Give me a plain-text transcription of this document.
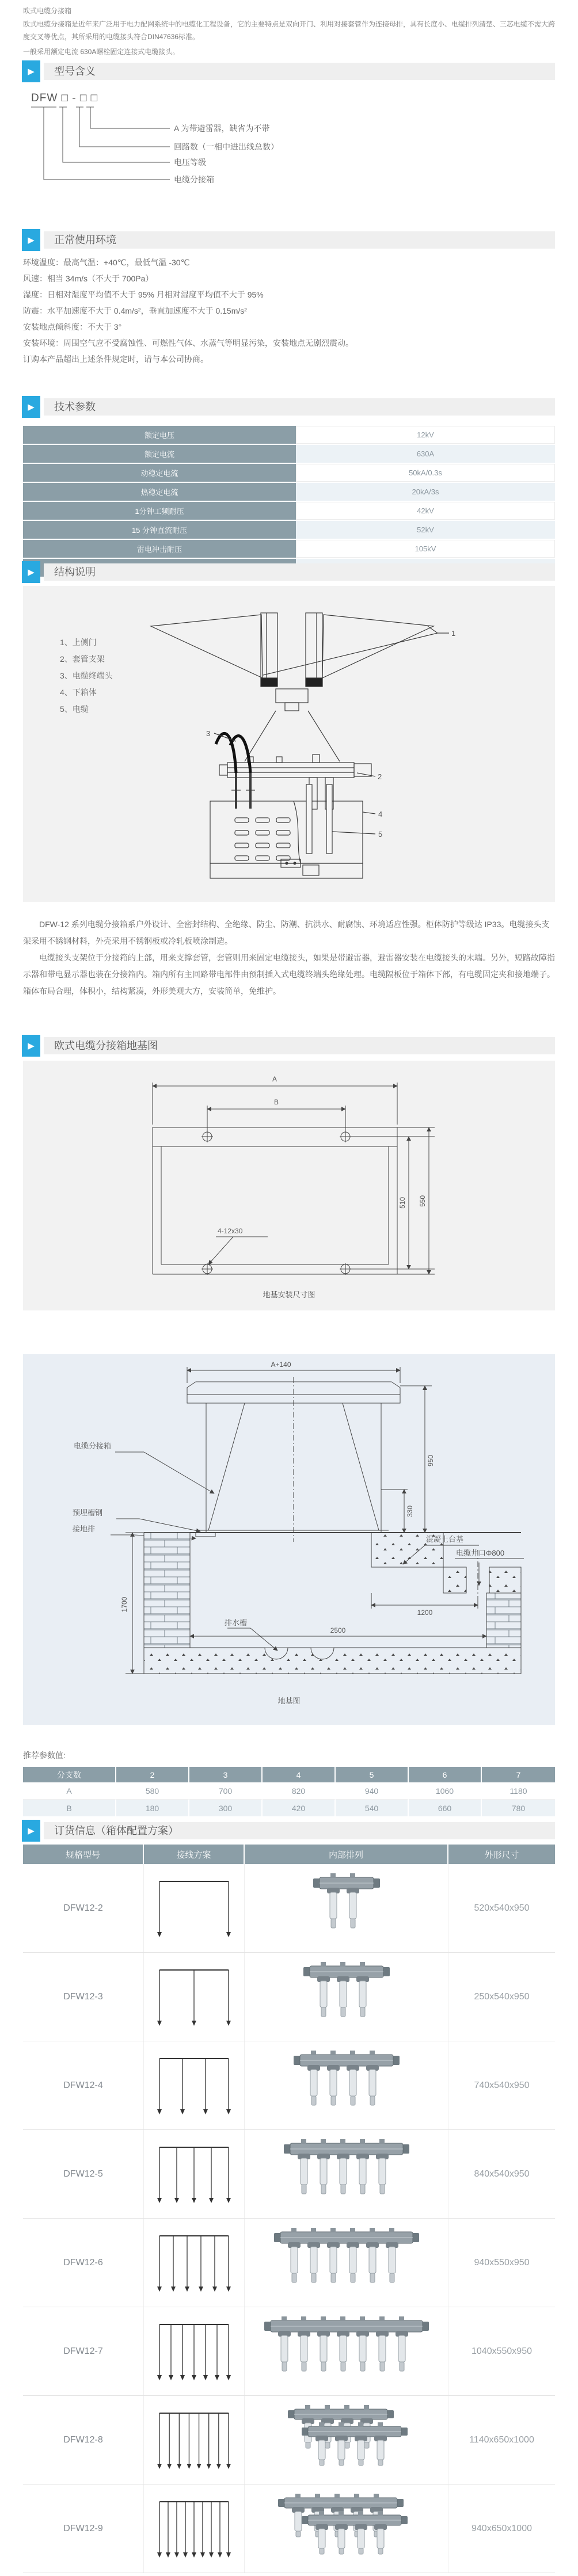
欧式电缆分接箱

欧式电缆分接箱是近年来广泛用于电力配网系统中的电缆化工程设备，它的主要特点是双向开门、利用对接套管作为连接母排，具有长度小、电缆排列清楚、三芯电缆不需大跨度交叉等优点，其所采用的电缆接头符合DIN47636标准。

一般采用额定电流 630A螺栓固定连接式电缆接头。

▶	型号含义
DFW □ - □ □
A 为带避雷器，缺省为不带
回路数（一相中进出线总数）
电压等级
电缆分接箱
▶	正常使用环境
环境温度：最高气温：+40℃，最低气温 -30℃
风速：相当 34m/s（不大于 700Pa）
湿度：日相对湿度平均值不大于 95% 月相对湿度平均值不大于 95%
防震：水平加速度不大于 0.4m/s²，垂直加速度不大于 0.15m/s²
安装地点倾斜度：不大于 3°
安装环境：周围空气应不受腐蚀性、可燃性气体、水蒸气等明显污染，安装地点无剧烈震动。
订购本产品超出上述条件规定时，请与本公司协商。
▶	技术参数
额定电压	12kV
额定电流	630A
动稳定电流	50kA/0.3s
热稳定电流	20kA/3s
1分钟工频耐压	42kV
15 分钟直流耐压	52kV
雷电冲击耐压	105kV

▶	结构说明
1、上侧门
2、套管支架
3、电缆终端头
4、下箱体
5、电缆
1
2
3
4
5

DFW-12 系列电缆分接箱系户外设计、全密封结构、全绝缘、防尘、防潮、抗洪水、耐腐蚀、环境适应性强。柜体防护等级达 IP33。电缆接头支架采用不锈钢材料，外壳采用不锈钢板或冷轧板喷涂制造。

电缆接头支架位于分接箱的上部，用来支撑套管，套管则用来固定电缆接头，如果是带避雷器，避雷器安装在电缆接头的末端。另外，短路故障指示器和带电显示器也装在分接箱内。箱内所有主回路带电部件由预制插入式电缆终端头绝缘处理。电缆隔板位于箱体下部，有电缆固定夹和接地端子。箱体布局合理，体积小，结构紧凑，外形美观大方，安装简单，免维护。

▶	欧式电缆分接箱地基图
A
B
510 550
4-12x30
地基安装尺寸图
A+140
950
330
1200
2500
1700
电缆分接箱
预埋槽钢
接地排
混凝土台基
电缆井口Φ800
排水槽
地基图
推荐参数值:
分支数	2	3	4	5	6	7
A	580	700	820	940	1060	1180
B	180	300	420	540	660	780
▶	订货信息（箱体配置方案）
规格型号	接线方案	内部排列	外形尺寸
DFW12-2	520x540x950
DFW12-3	250x540x950
DFW12-4	740x540x950
DFW12-5	840x540x950
DFW12-6	940x550x950
DFW12-7	1040x550x950
DFW12-8	1140x650x1000
DFW12-9	940x650x1000
